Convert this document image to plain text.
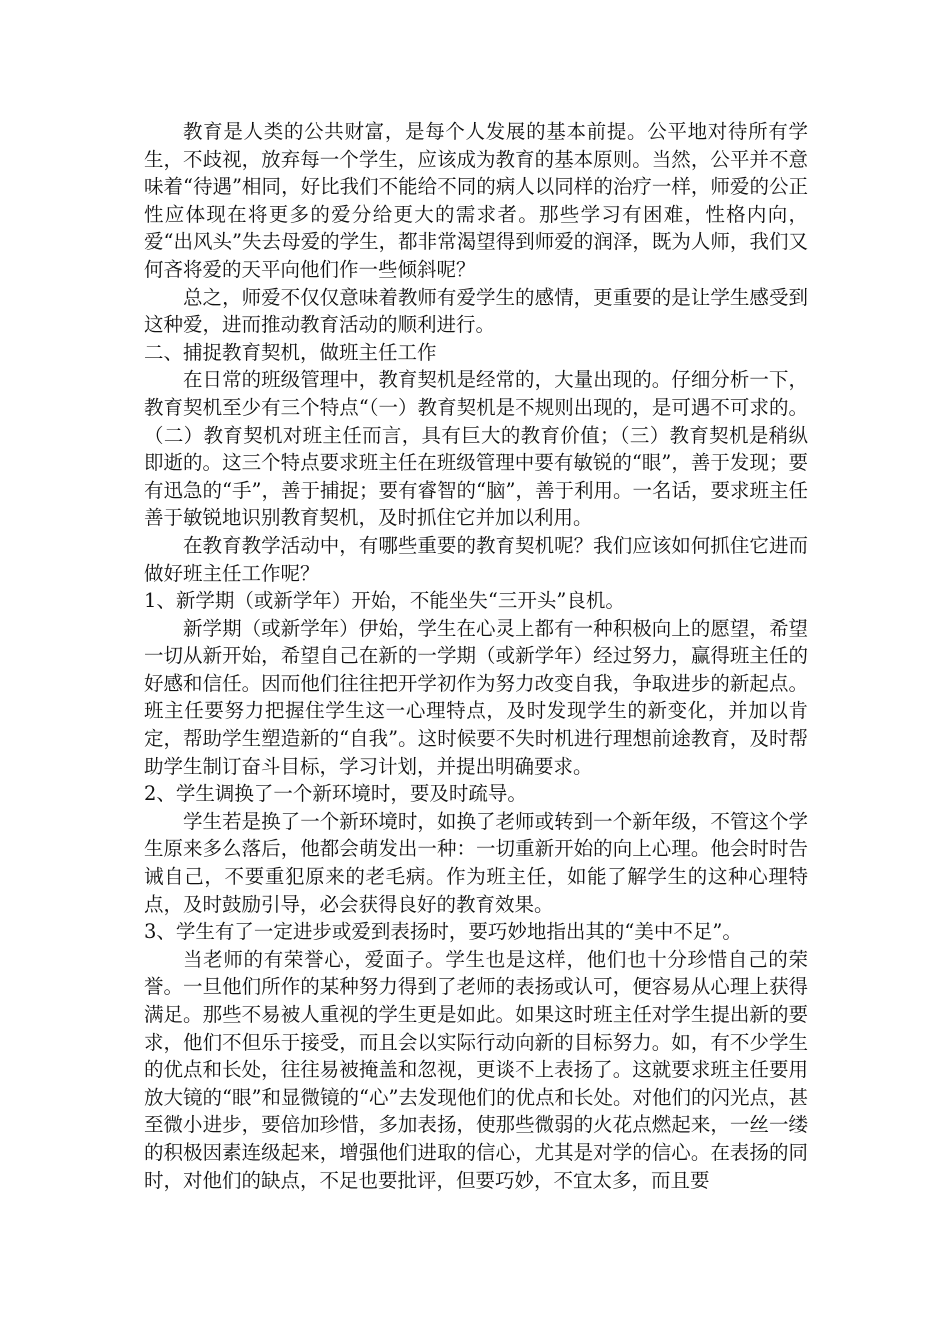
教育是人类的公共财富，是每个人发展的基本前提。公平地对待所有学生，不歧视，放弃每一个学生，应该成为教育的基本原则。当然，公平并不意味着“待遇”相同，好比我们不能给不同的病人以同样的治疗一样，师爱的公正性应体现在将更多的爱分给更大的需求者。那些学习有困难，性格内向，爱“出风头”失去母爱的学生，都非常渴望得到师爱的润泽，既为人师，我们又何吝将爱的天平向他们作一些倾斜呢？

总之，师爱不仅仅意味着教师有爱学生的感情，更重要的是让学生感受到这种爱，进而推动教育活动的顺利进行。

二、捕捉教育契机，做班主任工作

在日常的班级管理中，教育契机是经常的，大量出现的。仔细分析一下，教育契机至少有三个特点“（一）教育契机是不规则出现的，是可遇不可求的。（二）教育契机对班主任而言，具有巨大的教育价值；（三）教育契机是稍纵即逝的。这三个特点要求班主任在班级管理中要有敏锐的“眼”，善于发现；要有迅急的“手”，善于捕捉；要有睿智的“脑”，善于利用。一名话，要求班主任善于敏锐地识别教育契机，及时抓住它并加以利用。

在教育教学活动中，有哪些重要的教育契机呢？我们应该如何抓住它进而做好班主任工作呢？

1、新学期（或新学年）开始，不能坐失“三开头”良机。

新学期（或新学年）伊始，学生在心灵上都有一种积极向上的愿望，希望一切从新开始，希望自己在新的一学期（或新学年）经过努力，赢得班主任的好感和信任。因而他们往往把开学初作为努力改变自我，争取进步的新起点。班主任要努力把握住学生这一心理特点，及时发现学生的新变化，并加以肯定，帮助学生塑造新的“自我”。这时候要不失时机进行理想前途教育，及时帮助学生制订奋斗目标，学习计划，并提出明确要求。

2、学生调换了一个新环境时，要及时疏导。

学生若是换了一个新环境时，如换了老师或转到一个新年级，不管这个学生原来多么落后，他都会萌发出一种：一切重新开始的向上心理。他会时时告诫自己，不要重犯原来的老毛病。作为班主任，如能了解学生的这种心理特点，及时鼓励引导，必会获得良好的教育效果。

3、学生有了一定进步或爱到表扬时，要巧妙地指出其的“美中不足”。

当老师的有荣誉心，爱面子。学生也是这样，他们也十分珍惜自己的荣誉。一旦他们所作的某种努力得到了老师的表扬或认可，便容易从心理上获得满足。那些不易被人重视的学生更是如此。如果这时班主任对学生提出新的要求，他们不但乐于接受，而且会以实际行动向新的目标努力。如，有不少学生的优点和长处，往往易被掩盖和忽视，更谈不上表扬了。这就要求班主任要用放大镜的“眼”和显微镜的“心”去发现他们的优点和长处。对他们的闪光点，甚至微小进步，要倍加珍惜，多加表扬，使那些微弱的火花点燃起来，一丝一缕的积极因素连级起来，增强他们进取的信心，尤其是对学的信心。在表扬的同时，对他们的缺点，不足也要批评，但要巧妙，不宜太多，而且要
